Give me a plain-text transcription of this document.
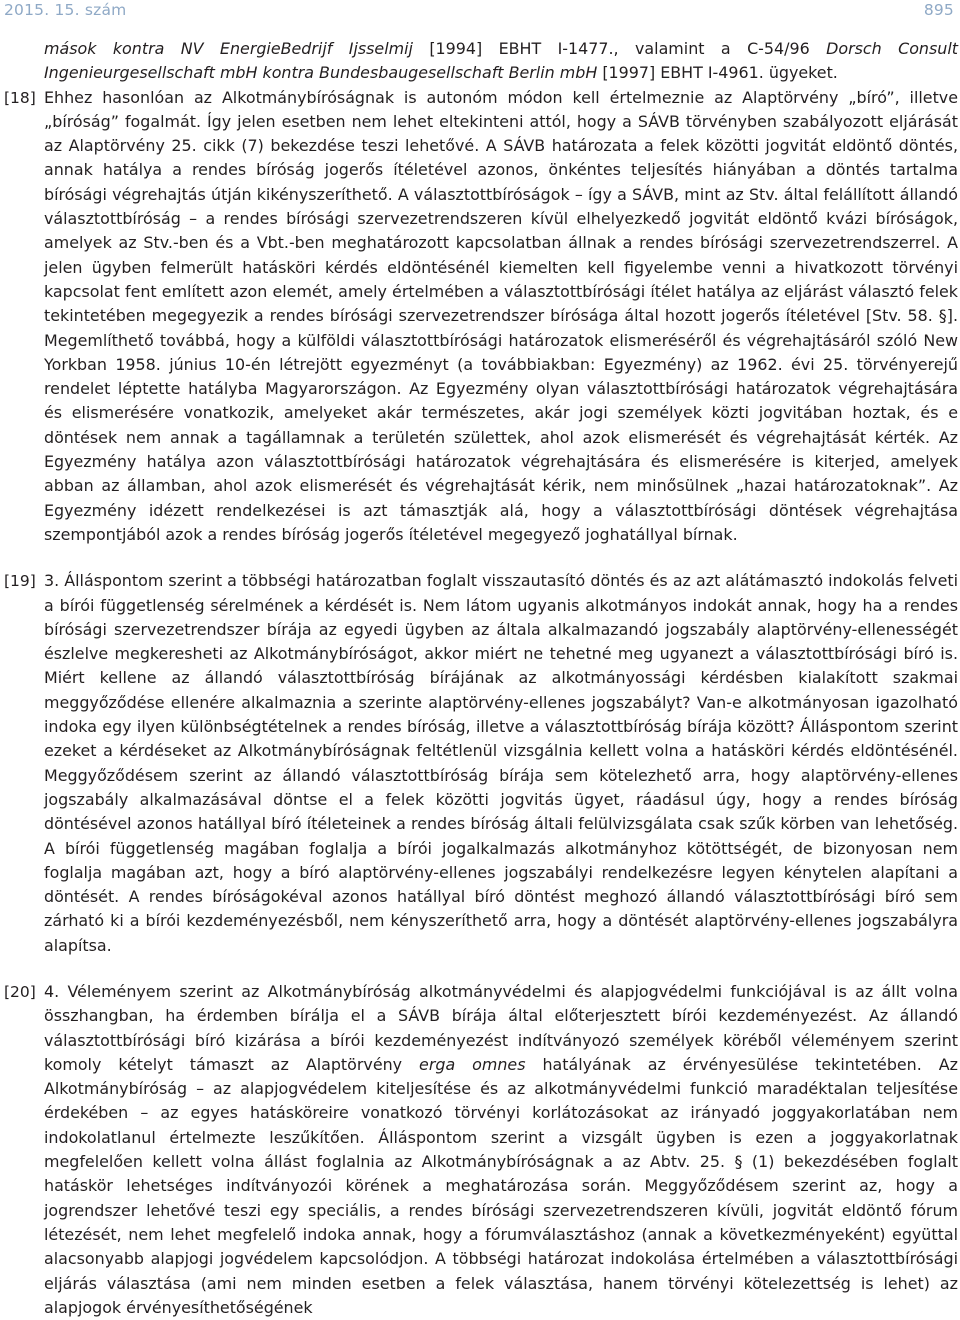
2015. 15. szám	895

mások kontra NV EnergieBedrijf Ijsselmij [1994] EBHT I-1477., valamint a C-54/96 Dorsch Consult Ingenieurgesellschaft mbH kontra Bundesbaugesellschaft Berlin mbH [1997] EBHT I-4961. ügyeket.

[18] Ehhez hasonlóan az Alkotmánybíróságnak is autonóm módon kell értelmeznie az Alaptörvény „bíró”, illetve „bíróság” fogalmát. Így jelen esetben nem lehet eltekinteni attól, hogy a SÁVB törvényben szabályozott eljárását az Alaptörvény 25. cikk (7) bekezdése teszi lehetővé. A SÁVB határozata a felek közötti jogvitát eldöntő döntés, annak hatálya a rendes bíróság jogerős ítéletével azonos, önkéntes teljesítés hiányában a döntés tartalma bírósági végrehajtás útján kikényszeríthető. A választottbíróságok – így a SÁVB, mint az Stv. által felállított állandó választottbíróság – a rendes bírósági szervezetrendszeren kívül elhelyezkedő jogvitát eldöntő kvázi bíróságok, amelyek az Stv.-ben és a Vbt.-ben meghatározott kapcsolatban állnak a rendes bírósági szervezetrendszerrel. A jelen ügyben felmerült hatásköri kérdés eldöntésénél kiemelten kell figyelembe venni a hivatkozott törvényi kapcsolat fent említett azon elemét, amely értelmében a választottbírósági ítélet hatálya az eljárást választó felek tekintetében megegyezik a rendes bírósági szervezetrendszer bírósága által hozott jogerős ítéletével [Stv. 58. §]. Megemlíthető továbbá, hogy a külföldi választottbírósági határozatok elismeréséről és végrehajtásáról szóló New Yorkban 1958. június 10-én létrejött egyezményt (a továbbiakban: Egyezmény) az 1962. évi 25. törvényerejű rendelet léptette hatályba Magyarországon. Az Egyezmény olyan választottbírósági határozatok végrehajtására és elismerésére vonatkozik, amelyeket akár természetes, akár jogi személyek közti jogvitában hoztak, és e döntések nem annak a tagállamnak a területén születtek, ahol azok elismerését és végrehajtását kérték. Az Egyezmény hatálya azon választottbírósági határozatok végrehajtására és elismerésére is kiterjed, amelyek abban az államban, ahol azok elismerését és végrehajtását kérik, nem minősülnek „hazai határozatoknak”. Az Egyezmény idézett rendelkezései is azt támasztják alá, hogy a választottbírósági döntések végrehajtása szempontjából azok a rendes bíróság jogerős ítéletével megegyező joghatállyal bírnak.

[19] 3. Álláspontom szerint a többségi határozatban foglalt visszautasító döntés és az azt alátámasztó indokolás felveti a bírói függetlenség sérelmének a kérdését is. Nem látom ugyanis alkotmányos indokát annak, hogy ha a rendes bírósági szervezetrendszer bírája az egyedi ügyben az általa alkalmazandó jogszabály alaptörvény-ellenességét észlelve megkeresheti az Alkotmánybíróságot, akkor miért ne tehetné meg ugyanezt a választottbírósági bíró is. Miért kellene az állandó választottbíróság bírájának az alkotmányossági kérdésben kialakított szakmai meggyőződése ellenére alkalmaznia a szerinte alaptörvény-ellenes jogszabályt? Van-e alkotmányosan igazolható indoka egy ilyen különbségtételnek a rendes bíróság, illetve a választottbíróság bírája között? Álláspontom szerint ezeket a kérdéseket az Alkotmánybíróságnak feltétlenül vizsgálnia kellett volna a hatásköri kérdés eldöntésénél. Meggyőződésem szerint az állandó választottbíróság bírája sem kötelezhető arra, hogy alaptörvény-ellenes jogszabály alkalmazásával döntse el a felek közötti jogvitás ügyet, ráadásul úgy, hogy a rendes bíróság döntésével azonos hatállyal bíró ítéleteinek a rendes bíróság általi felülvizsgálata csak szűk körben van lehetőség. A bírói függetlenség magában foglalja a bírói jogalkalmazás alkotmányhoz kötöttségét, de bizonyosan nem foglalja magában azt, hogy a bíró alaptörvény-ellenes jogszabályi rendelkezésre legyen kénytelen alapítani a döntését. A rendes bíróságokéval azonos hatállyal bíró döntést meghozó állandó választottbírósági bíró sem zárható ki a bírói kezdeményezésből, nem kényszeríthető arra, hogy a döntését alaptörvény-ellenes jogszabályra alapítsa.

[20] 4. Véleményem szerint az Alkotmánybíróság alkotmányvédelmi és alapjogvédelmi funkciójával is az állt volna összhangban, ha érdemben bírálja el a SÁVB bírája által előterjesztett bírói kezdeményezést. Az állandó választottbírósági bíró kizárása a bírói kezdeményezést indítványozó személyek köréből véleményem szerint komoly kételyt támaszt az Alaptörvény erga omnes hatályának az érvényesülése tekintetében. Az Alkotmánybíróság – az alapjogvédelem kiteljesítése és az alkotmányvédelmi funkció maradéktalan teljesítése érdekében – az egyes hatásköreire vonatkozó törvényi korlátozásokat az irányadó joggyakorlatában nem indokolatlanul értelmezte leszűkítően. Álláspontom szerint a vizsgált ügyben is ezen a joggyakorlatnak megfelelően kellett volna állást foglalnia az Alkotmánybíróságnak a az Abtv. 25. § (1) bekezdésében foglalt hatáskör lehetséges indítványozói körének a meghatározása során. Meggyőződésem szerint az, hogy a jogrendszer lehetővé teszi egy speciális, a rendes bírósági szervezetrendszeren kívüli, jogvitát eldöntő fórum létezését, nem lehet megfelelő indoka annak, hogy a fórumválasztáshoz (annak a következményeként) együttal alacsonyabb alapjogi jogvédelem kapcsolódjon. A többségi határozat indokolása értelmében a választottbírósági eljárás választása (ami nem minden esetben a felek választása, hanem törvényi kötelezettség is lehet) az alapjogok érvényesíthetőségének
